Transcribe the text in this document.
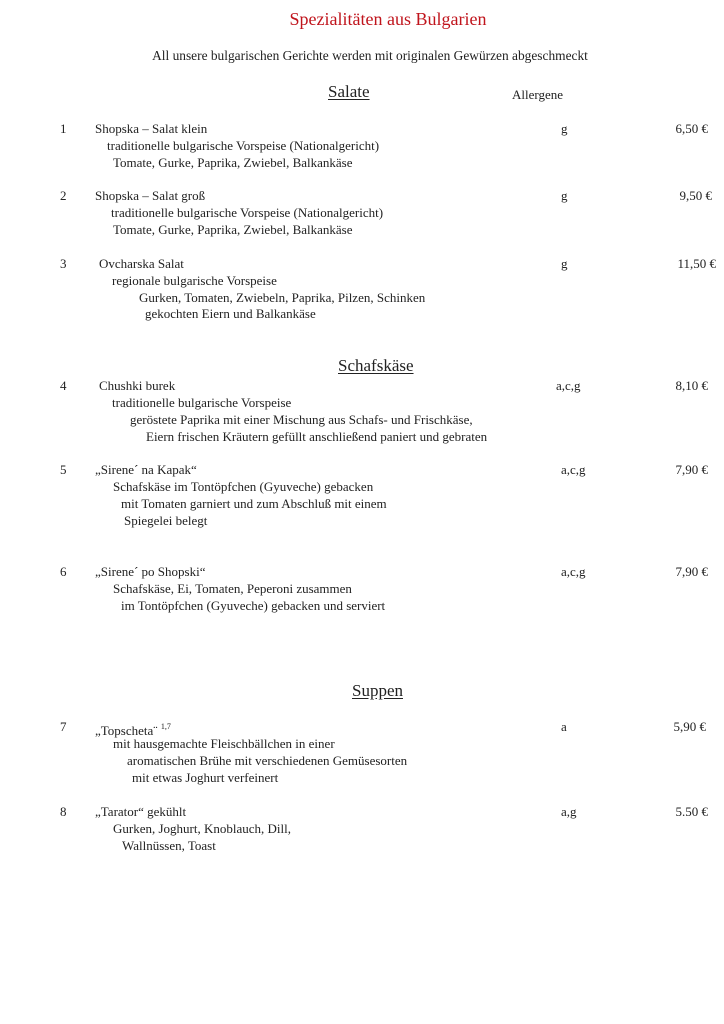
Spezialitäten aus Bulgarien
All unsere bulgarischen Gerichte werden mit originalen Gewürzen abgeschmeckt
Salate	Allergene
Schafskäse
Suppen
1 Shopska – Salat klein
traditionelle bulgarische Vorspeise (Nationalgericht)
Tomate, Gurke, Paprika, Zwiebel, Balkankäse
g	6,50 €
2 Shopska – Salat groß
traditionelle bulgarische Vorspeise (Nationalgericht)
Tomate, Gurke, Paprika, Zwiebel, Balkankäse
g	9,50 €
3	Ovcharska Salat
regionale bulgarische Vorspeise
Gurken, Tomaten, Zwiebeln, Paprika, Pilzen, Schinken
gekochten Eiern und Balkankäse
g	11,50 €
4	Chushki burek
traditionelle bulgarische Vorspeise
geröstete Paprika mit einer Mischung aus Schafs- und Frischkäse,
Eiern frischen Kräutern gefüllt anschließend paniert und gebraten
a,c,g	8,10 €
5 „Sirene´ na Kapak“
Schafskäse im Tontöpfchen (Gyuveche) gebacken
mit Tomaten garniert und zum Abschluß mit einem
Spiegelei belegt
a,c,g	7,90 €
6 „Sirene´ po Shopski“
Schafskäse, Ei, Tomaten, Peperoni zusammen
im Tontöpfchen (Gyuveche) gebacken und serviert
a,c,g	7,90 €
7 „Topscheta¨ $^{1,7}$
mit hausgemachte Fleischbällchen in einer
aromatischen Brühe mit verschiedenen Gemüsesorten
mit etwas Joghurt verfeinert
a	5,90 €
8 „Tarator“ gekühlt
Gurken, Joghurt, Knoblauch, Dill,
Wallnüssen, Toast
a,g	5.50 €
